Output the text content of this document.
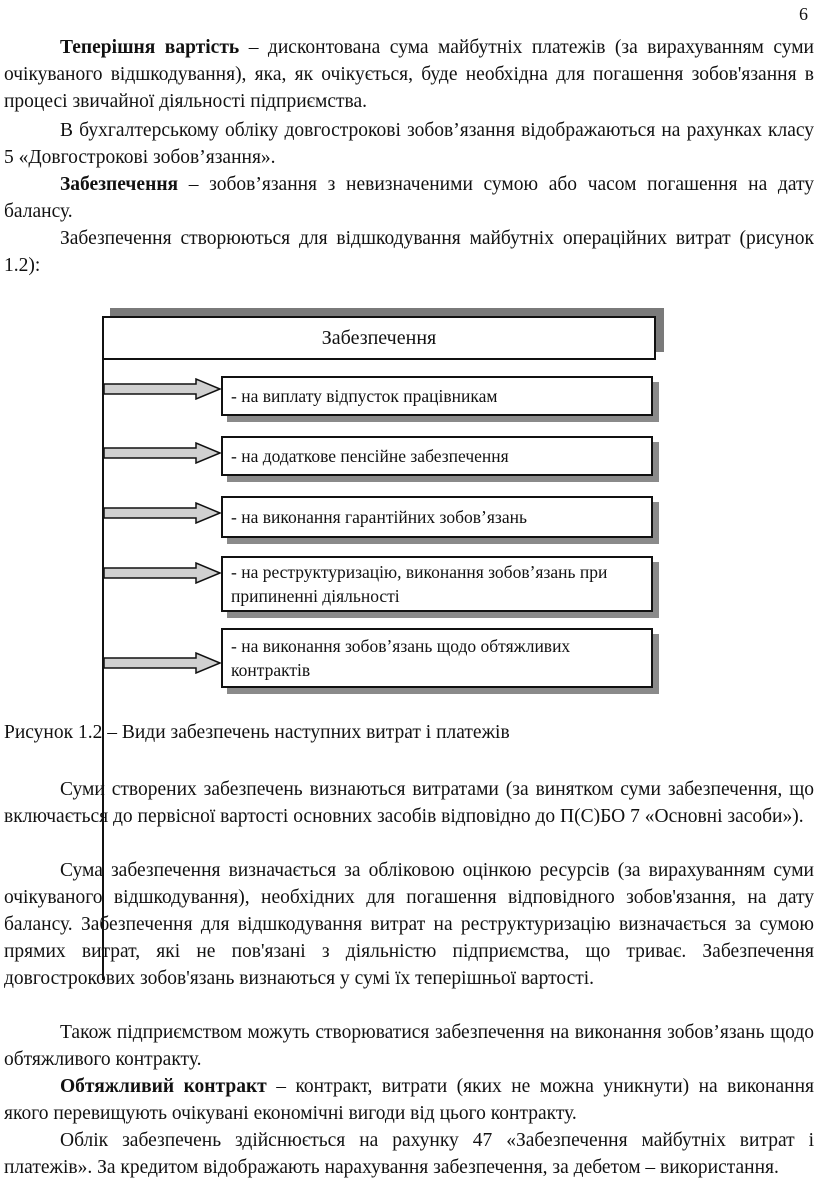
6

Теперішня вартість – дисконтована сума майбутніх платежів (за вирахуванням суми очікуваного відшкодування), яка, як очікується, буде необхідна для погашення зобов'язання в процесі звичайної діяльності підприємства.

В бухгалтерському обліку довгострокові зобов’язання відображаються на рахунках класу 5 «Довгострокові зобов’язання».

Забезпечення – зобов’язання з невизначеними сумою або часом погашення на дату балансу.

Забезпечення створюються для відшкодування майбутніх операційних витрат (рисунок 1.2):

Забезпечення
- на виплату відпусток працівникам
- на додаткове пенсійне забезпечення
- на виконання гарантійних зобов’язань
- на реструктуризацію, виконання зобов’язань при припиненні діяльності
- на виконання зобов’язань щодо обтяжливих контрактів
Рисунок 1.2 – Види забезпечень наступних витрат і платежів

Суми створених забезпечень визнаються витратами (за винятком суми забезпечення, що включається до первісної вартості основних засобів відповідно до П(С)БО 7 «Основні засоби»).

Сума забезпечення визначається за обліковою оцінкою ресурсів (за вирахуванням суми очікуваного відшкодування), необхідних для погашення відповідного зобов'язання, на дату балансу. Забезпечення для відшкодування витрат на реструктуризацію визначається за сумою прямих витрат, які не пов'язані з діяльністю підприємства, що триває. Забезпечення довгострокових зобов'язань визнаються у сумі їх теперішньої вартості.

Також підприємством можуть створюватися забезпечення на виконання зобов’язань щодо обтяжливого контракту.

Обтяжливий контракт – контракт, витрати (яких не можна уникнути) на виконання якого перевищують очікувані економічні вигоди від цього контракту.

Облік забезпечень здійснюється на рахунку 47 «Забезпечення майбутніх витрат і платежів». За кредитом відображають нарахування забезпечення, за дебетом – використання.
